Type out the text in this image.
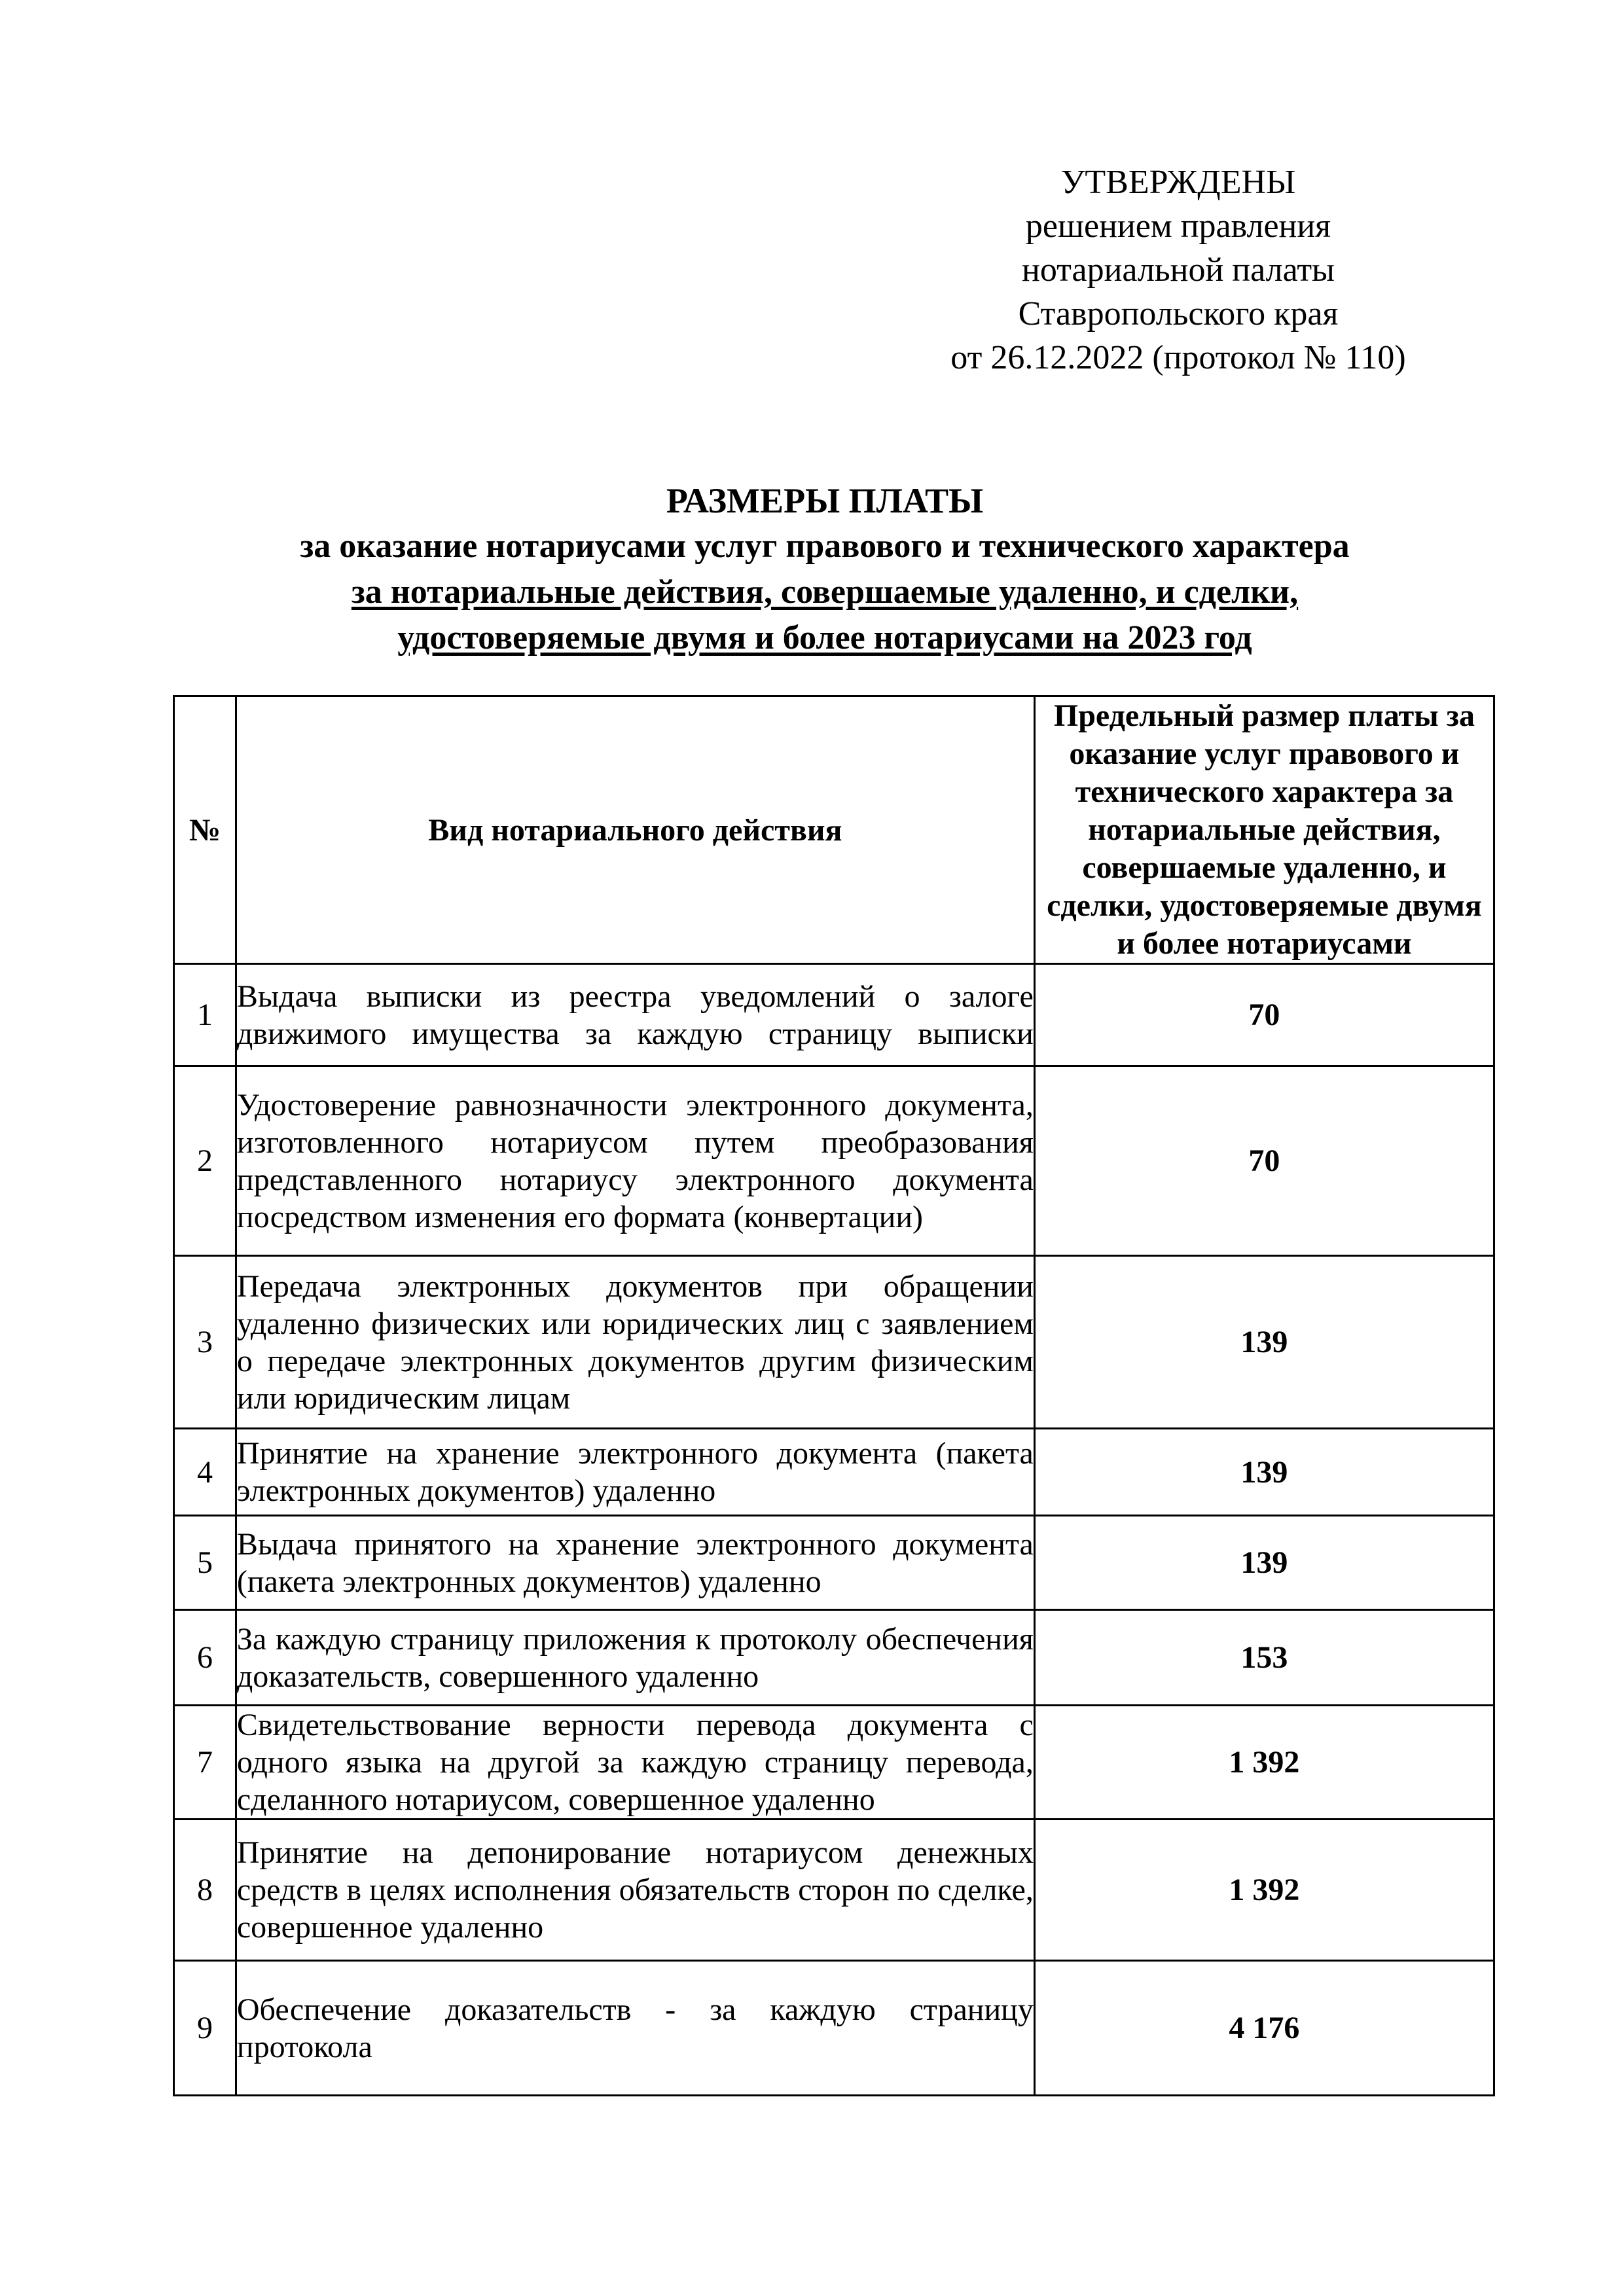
УТВЕРЖДЕНЫ
решением правления
нотариальной палаты
Ставропольского края
от 26.12.2022 (протокол № 110)
РАЗМЕРЫ ПЛАТЫ
за оказание нотариусами услуг правового и технического характера
за нотариальные действия, совершаемые удаленно, и сделки,
удостоверяемые двумя и более нотариусами на 2023 год
№	Вид нотариального действия	Предельный размер платы за оказание услуг правового и технического характера за нотариальные действия, совершаемые удаленно, и сделки, удостоверяемые двумя и более нотариусами
1	Выдача выписки из реестра уведомлений о залоге движимого имущества за каждую страницу выписки	70
2	Удостоверение равнозначности электронного документа, изготовленного нотариусом путем преобразования представленного нотариусу электронного документа посредством изменения его формата (конвертации)	70
3	Передача электронных документов при обращении удаленно физических или юридических лиц с заявлением о передаче электронных документов другим физическим или юридическим лицам	139
4	Принятие на хранение электронного документа (пакета электронных документов) удаленно	139
5	Выдача принятого на хранение электронного документа (пакета электронных документов) удаленно	139
6	За каждую страницу приложения к протоколу обеспечения доказательств, совершенного удаленно	153
7	Свидетельствование верности перевода документа с одного языка на другой за каждую страницу перевода, сделанного нотариусом, совершенное удаленно	1 392
8	Принятие на депонирование нотариусом денежных средств в целях исполнения обязательств сторон по сделке, совершенное удаленно	1 392
9	Обеспечение доказательств - за каждую страницу протокола	4 176
